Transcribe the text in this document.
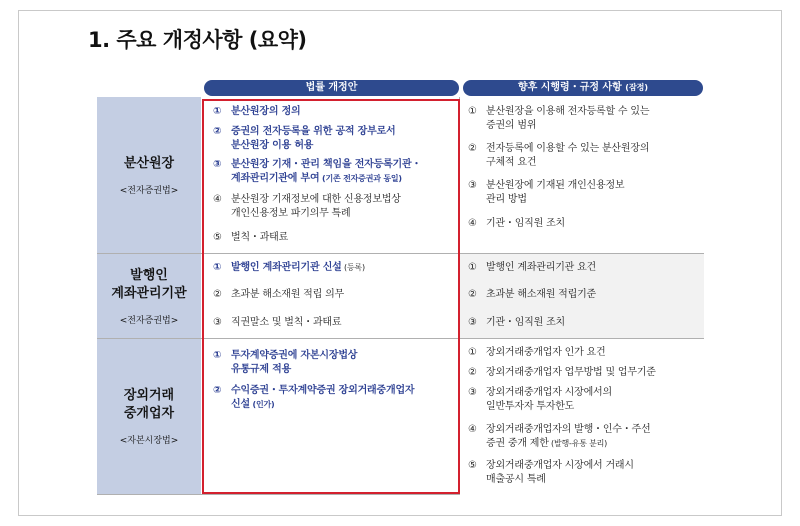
1. 주요 개정사항 (요약)
법률 개정안	향후 시행령・규정 사항 (잠정)
분산원장
<전자증권법>
① 분산원장의 정의
② 증권의 전자등록을 위한 공적 장부로서
분산원장 이용 허용
③ 분산원장 기재・관리 책임을 전자등록기관・
계좌관리기관에 부여 (기존 전자증권과 동일)
④ 분산원장 기재정보에 대한 신용정보법상
개인신용정보 파기의무 특례
⑤ 벌칙・과태료
① 분산원장을 이용해 전자등록할 수 있는
증권의 범위
② 전자등록에 이용할 수 있는 분산원장의
구체적 요건
③ 분산원장에 기재된 개인신용정보
관리 방법
④ 기관・임직원 조치
발행인
계좌관리기관
<전자증권법>
① 발행인 계좌관리기관 신설 (등록)
② 초과분 해소재원 적립 의무
③ 직권말소 및 벌칙・과태료
① 발행인 계좌관리기관 요건
② 초과분 해소재원 적립기준
③ 기관・임직원 조치
장외거래
중개업자
<자본시장법>
① 투자계약증권에 자본시장법상
유통규제 적용
② 수익증권・투자계약증권 장외거래중개업자
신설 (인가)
① 장외거래중개업자 인가 요건
② 장외거래중개업자 업무방법 및 업무기준
③ 장외거래중개업자 시장에서의
일반투자자 투자한도
④ 장외거래중개업자의 발행・인수・주선
증권 중개 제한 (발행-유통 분리)
⑤ 장외거래중개업자 시장에서 거래시
매출공시 특례
